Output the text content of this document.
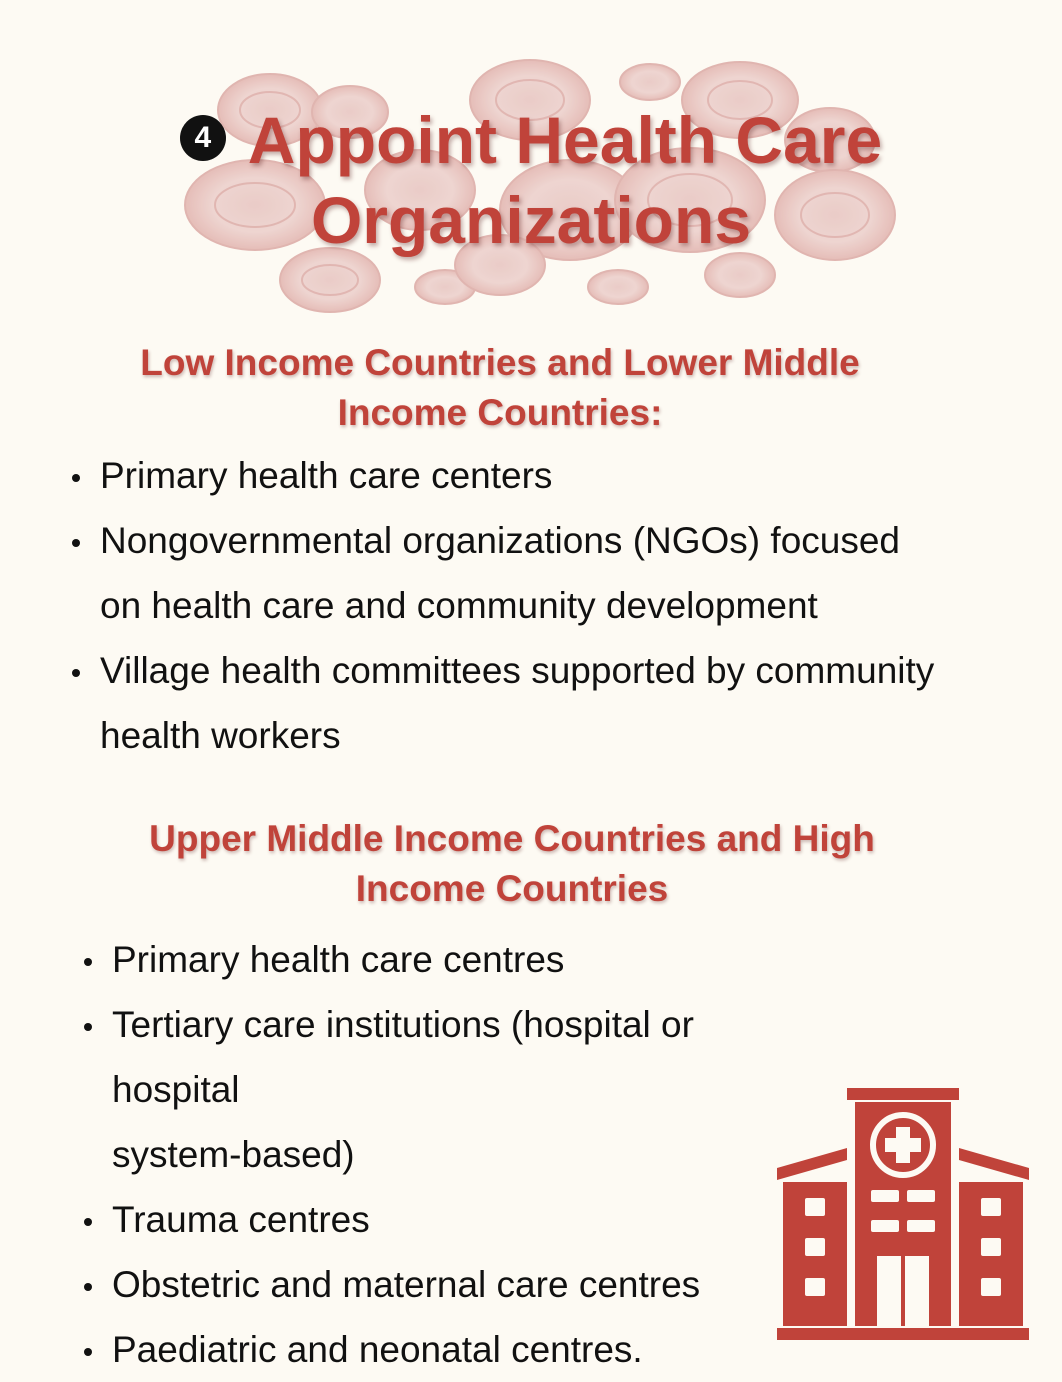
4 Appoint Health Care
Organizations
Low Income Countries and Lower Middle
Income Countries:
Primary health care centers
Nongovernmental organizations (NGOs) focused
on health care and community development
Village health committees supported by community
health workers
Upper Middle Income Countries and High
Income Countries
Primary health care centres
Tertiary care institutions (hospital or hospital
system-based)
Trauma centres
Obstetric and maternal care centres
Paediatric and neonatal centres.
